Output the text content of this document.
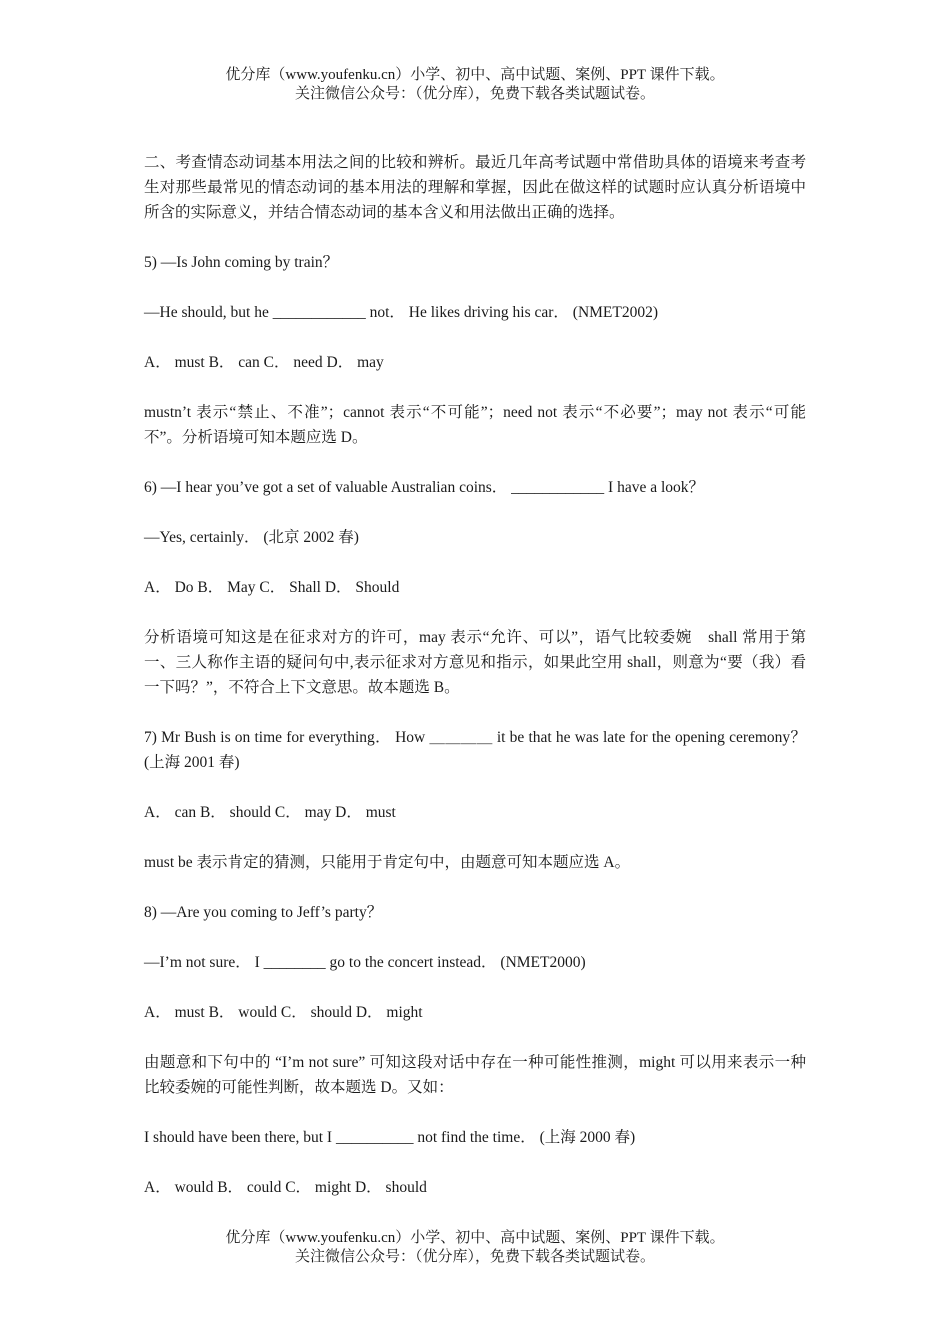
优分库（www.youfenku.cn）小学、初中、高中试题、案例、PPT 课件下载。
关注微信公众号：（优分库），免费下载各类试题试卷。

二、考查情态动词基本用法之间的比较和辨析。最近几年高考试题中常借助具体的语境来考查考生对那些最常见的情态动词的基本用法的理解和掌握，因此在做这样的试题时应认真分析语境中所含的实际意义，并结合情态动词的基本含义和用法做出正确的选择。

5) —Is John coming by train？

—He should, but he ____________ not． He likes driving his car． (NMET2002)

A． must B． can C． need D． may

mustn’t 表示“禁止、不准”；cannot 表示“不可能”；need not 表示“不必要”；may not 表示“可能不”。分析语境可知本题应选 D。

6) —I hear you’ve got a set of valuable Australian coins． ____________ I have a look？

—Yes, certainly． (北京 2002 春)

A． Do B． May C． Shall D． Should

分析语境可知这是在征求对方的许可，may 表示“允许、可以”，语气比较委婉　shall 常用于第一、三人称作主语的疑问句中,表示征求对方意见和指示，如果此空用 shall，则意为“要（我）看一下吗？”，不符合上下文意思。故本题选 B。

7) Mr Bush is on time for everything． How ＿＿＿＿ it be that he was late for the opening ceremony？ (上海 2001 春)

A． can B． should C． may D． must

must be 表示肯定的猜测，只能用于肯定句中，由题意可知本题应选 A。

8) —Are you coming to Jeff’s party？

—I’m not sure． I ________ go to the concert instead． (NMET2000)

A． must B． would C． should D． might

由题意和下句中的 “I’m not sure” 可知这段对话中存在一种可能性推测，might 可以用来表示一种比较委婉的可能性判断，故本题选 D。又如：

I should have been there, but I __________ not find the time． (上海 2000 春)

A． would B． could C． might D． should

优分库（www.youfenku.cn）小学、初中、高中试题、案例、PPT 课件下载。
关注微信公众号：（优分库），免费下载各类试题试卷。
